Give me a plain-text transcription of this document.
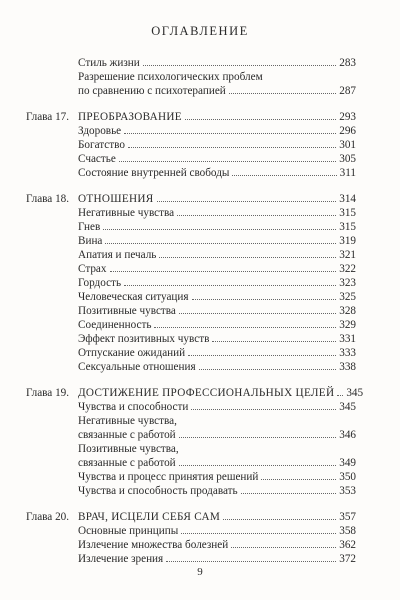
ОГЛАВЛЕНИЕ
Стиль жизни	283
Разрешение психологических проблем
по сравнению с психотерапией	287
Глава 17. ПРЕОБРАЗОВАНИЕ	293
Здоровье	296
Богатство	301
Счастье	305
Состояние внутренней свободы	311
Глава 18. ОТНОШЕНИЯ	314
Негативные чувства	315
Гнев	315
Вина	319
Апатия и печаль	321
Страх	322
Гордость	323
Человеческая ситуация	325
Позитивные чувства	328
Соединенность	329
Эффект позитивных чувств	331
Отпускание ожиданий	333
Сексуальные отношения	338
Глава 19. ДОСТИЖЕНИЕ ПРОФЕССИОНАЛЬНЫХ ЦЕЛЕЙ 345
Чувства и способности	345
Негативные чувства,
связанные с работой	346
Позитивные чувства,
связанные с работой	349
Чувства и процесс принятия решений	350
Чувства и способность продавать	353
Глава 20. ВРАЧ, ИСЦЕЛИ СЕБЯ САМ	357
Основные принципы	358
Излечение множества болезней	362
Излечение зрения	372
9
